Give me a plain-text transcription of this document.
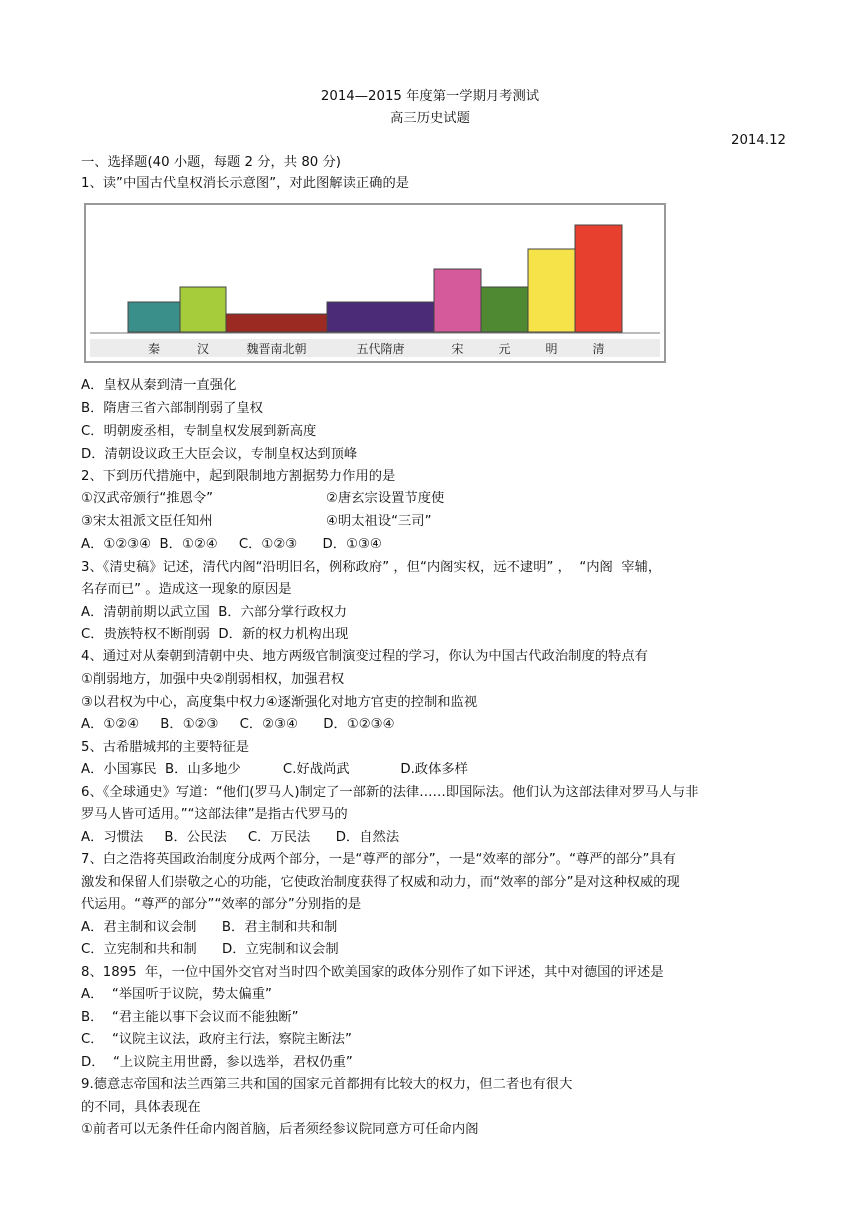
2014—2015 年度第一学期月考测试
高三历史试题
2014.12
一、选择题(40 小题，每题 2 分，共 80 分)
1、读”中国古代皇权消长示意图”，对此图解读正确的是
秦	汉	魏晋南北朝	五代隋唐	宋	元	明	清
A．皇权从秦到清一直强化
B．隋唐三省六部制削弱了皇权
C．明朝废丞相，专制皇权发展到新高度
D．清朝设议政王大臣会议，专制皇权达到顶峰
2、下到历代措施中，起到限制地方割据势力作用的是
①汉武帝颁行“推恩令”	②唐玄宗设置节度使
③宋太祖派文臣任知州	④明太祖设“三司”
A．①②③④  B．①②④     C．①②③      D．①③④
3、《清史稿》记述，清代内阁“沿明旧名，例称政府” ，但“内阁实权，远不逮明” ，  “内阁  宰辅，
名存而已” 。造成这一现象的原因是
A．清朝前期以武立国  B．六部分掌行政权力
C．贵族特权不断削弱  D．新的权力机构出现
4、通过对从秦朝到清朝中央、地方两级官制演变过程的学习，你认为中国古代政治制度的特点有
①削弱地方，加强中央②削弱相权，加强君权
③以君权为中心，高度集中权力④逐渐强化对地方官吏的控制和监视
A．①②④     B．①②③     C．②③④      D．①②③④
5、古希腊城邦的主要特征是
A．小国寡民  B．山多地少          C.好战尚武            D.政体多样
6、《全球通史》写道：“他们(罗马人)制定了一部新的法律……即国际法。他们认为这部法律对罗马人与非
罗马人皆可适用。”“这部法律”是指古代罗马的
A．习惯法     B．公民法     C．万民法      D．自然法
7、白之浩将英国政治制度分成两个部分，一是“尊严的部分”，一是“效率的部分”。“尊严的部分”具有
激发和保留人们崇敬之心的功能，它使政治制度获得了权威和动力，而“效率的部分”是对这种权威的现
代运用。“尊严的部分”“效率的部分”分别指的是
A．君主制和议会制      B．君主制和共和制
C．立宪制和共和制      D．立宪制和议会制
8、1895  年，一位中国外交官对当时四个欧美国家的政体分别作了如下评述，其中对德国的评述是
A．  “举国听于议院，势太偏重”
B．  “君主能以事下会议而不能独断”
C．  “议院主议法，政府主行法，察院主断法”
D．  “上议院主用世爵，参以选举，君权仍重”
9.德意志帝国和法兰西第三共和国的国家元首都拥有比较大的权力，但二者也有很大
的不同，具体表现在
①前者可以无条件任命内阁首脑，后者须经参议院同意方可任命内阁
